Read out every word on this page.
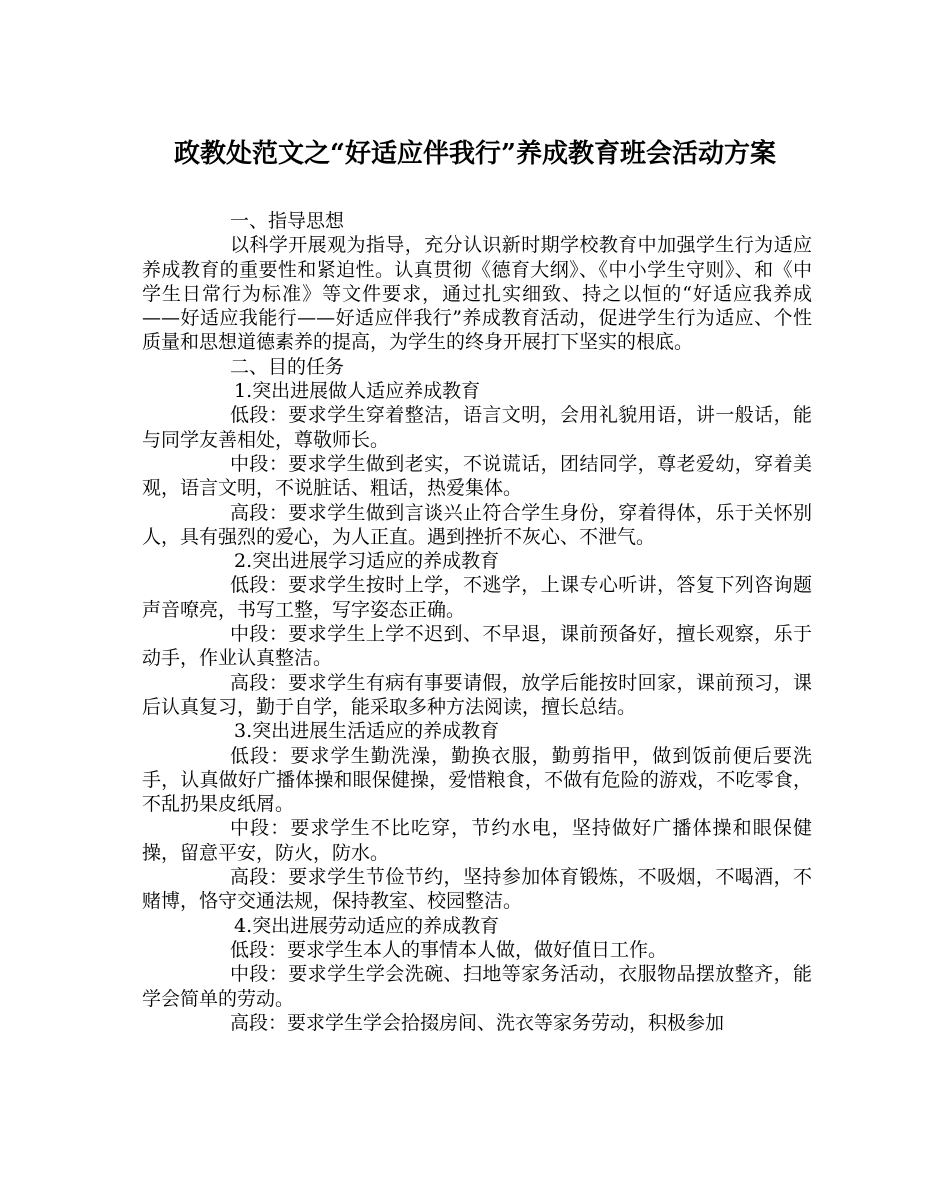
政教处范文之“好适应伴我行”养成教育班会活动方案

一、指导思想

以科学开展观为指导，充分认识新时期学校教育中加强学生行为适应养成教育的重要性和紧迫性。认真贯彻《德育大纲》、《中小学生守则》、和《中学生日常行为标准》等文件要求，通过扎实细致、持之以恒的“好适应我养成——好适应我能行——好适应伴我行”养成教育活动，促进学生行为适应、个性质量和思想道德素养的提高，为学生的终身开展打下坚实的根底。

二、目的任务

1.突出进展做人适应养成教育

低段：要求学生穿着整洁，语言文明，会用礼貌用语，讲一般话，能与同学友善相处，尊敬师长。

中段：要求学生做到老实，不说谎话，团结同学，尊老爱幼，穿着美观，语言文明，不说脏话、粗话，热爱集体。

高段：要求学生做到言谈兴止符合学生身份，穿着得体，乐于关怀别人，具有强烈的爱心，为人正直。遇到挫折不灰心、不泄气。

2.突出进展学习适应的养成教育

低段：要求学生按时上学，不逃学，上课专心听讲，答复下列咨询题声音嘹亮，书写工整，写字姿态正确。

中段：要求学生上学不迟到、不早退，课前预备好，擅长观察，乐于动手，作业认真整洁。

高段：要求学生有病有事要请假，放学后能按时回家，课前预习，课后认真复习，勤于自学，能采取多种方法阅读，擅长总结。

3.突出进展生活适应的养成教育

低段：要求学生勤洗澡，勤换衣服，勤剪指甲，做到饭前便后要洗手，认真做好广播体操和眼保健操，爱惜粮食，不做有危险的游戏，不吃零食，不乱扔果皮纸屑。

中段：要求学生不比吃穿，节约水电，坚持做好广播体操和眼保健操，留意平安，防火，防水。

高段：要求学生节俭节约，坚持参加体育锻炼，不吸烟，不喝酒，不赌博，恪守交通法规，保持教室、校园整洁。

4.突出进展劳动适应的养成教育

低段：要求学生本人的事情本人做，做好值日工作。

中段：要求学生学会洗碗、扫地等家务活动，衣服物品摆放整齐，能学会简单的劳动。

高段：要求学生学会拾掇房间、洗衣等家务劳动，积极参加
